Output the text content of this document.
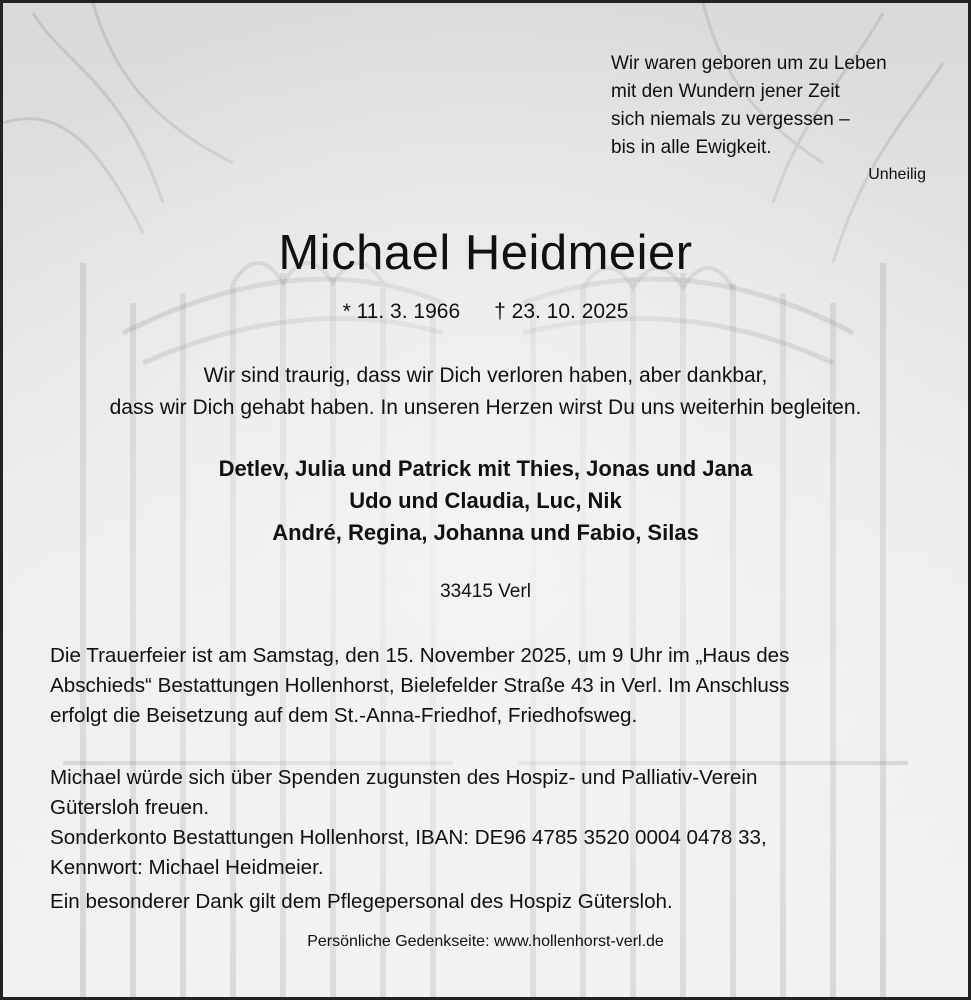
Wir waren geboren um zu Leben
mit den Wundern jener Zeit
sich niemals zu vergessen –
bis in alle Ewigkeit.
Unheilig
Michael Heidmeier
* 11. 3. 1966 † 23. 10. 2025
Wir sind traurig, dass wir Dich verloren haben, aber dankbar,
dass wir Dich gehabt haben. In unseren Herzen wirst Du uns weiterhin begleiten.
Detlev, Julia und Patrick mit Thies, Jonas und Jana
Udo und Claudia, Luc, Nik
André, Regina, Johanna und Fabio, Silas
33415 Verl
Die Trauerfeier ist am Samstag, den 15. November 2025, um 9 Uhr im „Haus des
Abschieds“ Bestattungen Hollenhorst, Bielefelder Straße 43 in Verl. Im Anschluss
erfolgt die Beisetzung auf dem St.-Anna-Friedhof, Friedhofsweg.
Michael würde sich über Spenden zugunsten des Hospiz- und Palliativ-Verein
Gütersloh freuen.
Sonderkonto Bestattungen Hollenhorst, IBAN: DE96 4785 3520 0004 0478 33,
Kennwort: Michael Heidmeier.
Ein besonderer Dank gilt dem Pflegepersonal des Hospiz Gütersloh.
Persönliche Gedenkseite: www.hollenhorst-verl.de
